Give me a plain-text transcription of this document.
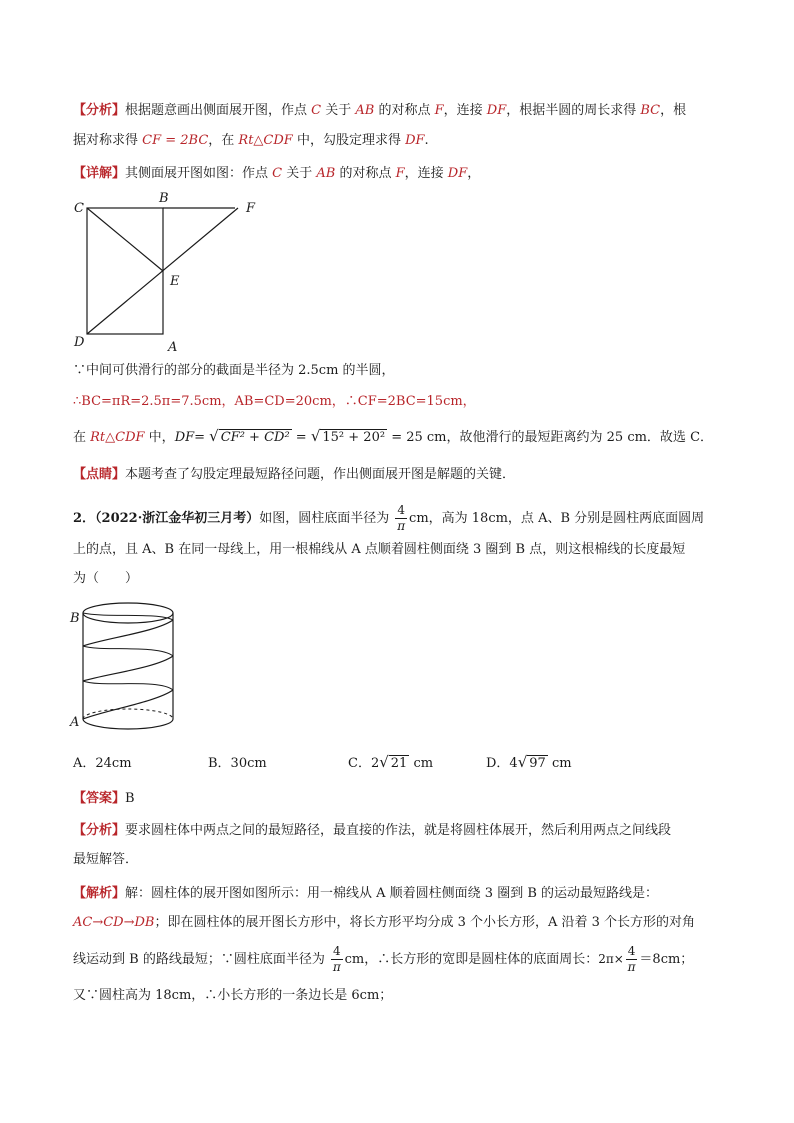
【分析】根据题意画出侧面展开图，作点 C 关于 AB 的对称点 F，连接 DF，根据半圆的周长求得 BC，根
据对称求得 CF = 2BC，在 Rt△CDF 中，勾股定理求得 DF.
【详解】其侧面展开图如图：作点 C 关于 AB 的对称点 F，连接 DF，
C
B
F
E
D	A
∵中间可供滑行的部分的截面是半径为 2.5cm 的半圆，
∴BC=πR=2.5π=7.5cm，AB=CD=20cm，∴CF=2BC=15cm，
在 Rt△CDF 中，DF= √ CF² + CD² = √ 15² + 20² = 25 cm，故他滑行的最短距离约为 25 cm．故选 C．
【点睛】本题考查了勾股定理最短路径问题，作出侧面展开图是解题的关键．
2．（2022·浙江金华初三月考）如图，圆柱底面半径为 $\frac{4}{\pi}$ cm，高为 18cm，点 A、B 分别是圆柱两底面圆周
上的点，且 A、B 在同一母线上，用一根棉线从 A 点顺着圆柱侧面绕 3 圈到 B 点，则这根棉线的长度最短
为（　　）
B
A
A．24cm	B．30cm	C．2√ 21 cm	D．4√ 97 cm
【答案】B
【分析】要求圆柱体中两点之间的最短路径，最直接的作法，就是将圆柱体展开，然后利用两点之间线段
最短解答．
【解析】解：圆柱体的展开图如图所示：用一棉线从 A 顺着圆柱侧面绕 3 圈到 B 的运动最短路线是：
AC→CD→DB；即在圆柱体的展开图长方形中，将长方形平均分成 3 个小长方形，A 沿着 3 个长方形的对角
线运动到 B 的路线最短；∵圆柱底面半径为 $\frac{4}{\pi}$ cm，∴长方形的宽即是圆柱体的底面周长：$2\pi\times \frac{4}{\pi} =8cm$；
又∵圆柱高为 18cm，∴小长方形的一条边长是 6cm；
